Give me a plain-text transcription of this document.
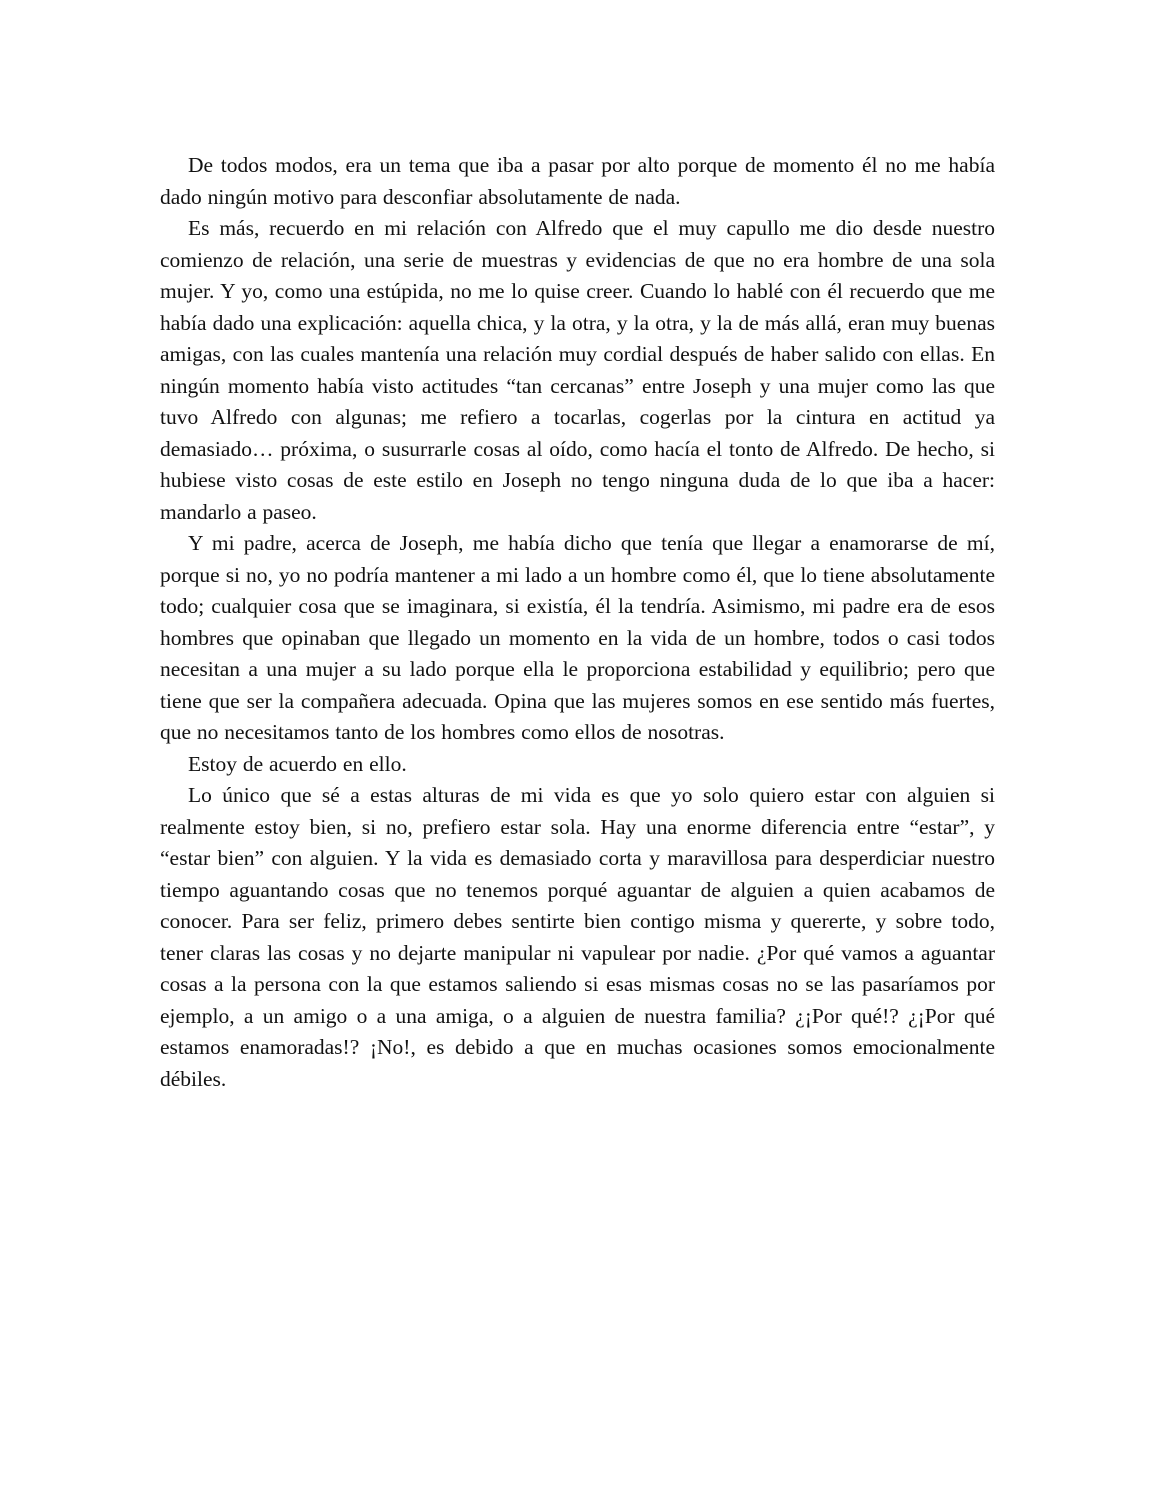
De todos modos, era un tema que iba a pasar por alto porque de momento él no me había dado ningún motivo para desconfiar absolutamente de nada.

Es más, recuerdo en mi relación con Alfredo que el muy capullo me dio desde nuestro comienzo de relación, una serie de muestras y evidencias de que no era hombre de una sola mujer. Y yo, como una estúpida, no me lo quise creer. Cuando lo hablé con él recuerdo que me había dado una explicación: aquella chica, y la otra, y la otra, y la de más allá, eran muy buenas amigas, con las cuales mantenía una relación muy cordial después de haber salido con ellas. En ningún momento había visto actitudes “tan cercanas” entre Joseph y una mujer como las que tuvo Alfredo con algunas; me refiero a tocarlas, cogerlas por la cintura en actitud ya demasiado… próxima, o susurrarle cosas al oído, como hacía el tonto de Alfredo. De hecho, si hubiese visto cosas de este estilo en Joseph no tengo ninguna duda de lo que iba a hacer: mandarlo a paseo.

Y mi padre, acerca de Joseph, me había dicho que tenía que llegar a enamorarse de mí, porque si no, yo no podría mantener a mi lado a un hombre como él, que lo tiene absolutamente todo; cualquier cosa que se imaginara, si existía, él la tendría. Asimismo, mi padre era de esos hombres que opinaban que llegado un momento en la vida de un hombre, todos o casi todos necesitan a una mujer a su lado porque ella le proporciona estabilidad y equilibrio; pero que tiene que ser la compañera adecuada. Opina que las mujeres somos en ese sentido más fuertes, que no necesitamos tanto de los hombres como ellos de nosotras.

Estoy de acuerdo en ello.

Lo único que sé a estas alturas de mi vida es que yo solo quiero estar con alguien si realmente estoy bien, si no, prefiero estar sola. Hay una enorme diferencia entre “estar”, y “estar bien” con alguien. Y la vida es demasiado corta y maravillosa para desperdiciar nuestro tiempo aguantando cosas que no tenemos porqué aguantar de alguien a quien acabamos de conocer. Para ser feliz, primero debes sentirte bien contigo misma y quererte, y sobre todo, tener claras las cosas y no dejarte manipular ni vapulear por nadie. ¿Por qué vamos a aguantar cosas a la persona con la que estamos saliendo si esas mismas cosas no se las pasaríamos por ejemplo, a un amigo o a una amiga, o a alguien de nuestra familia? ¿¡Por qué!? ¿¡Por qué estamos enamoradas!? ¡No!, es debido a que en muchas ocasiones somos emocionalmente débiles.
